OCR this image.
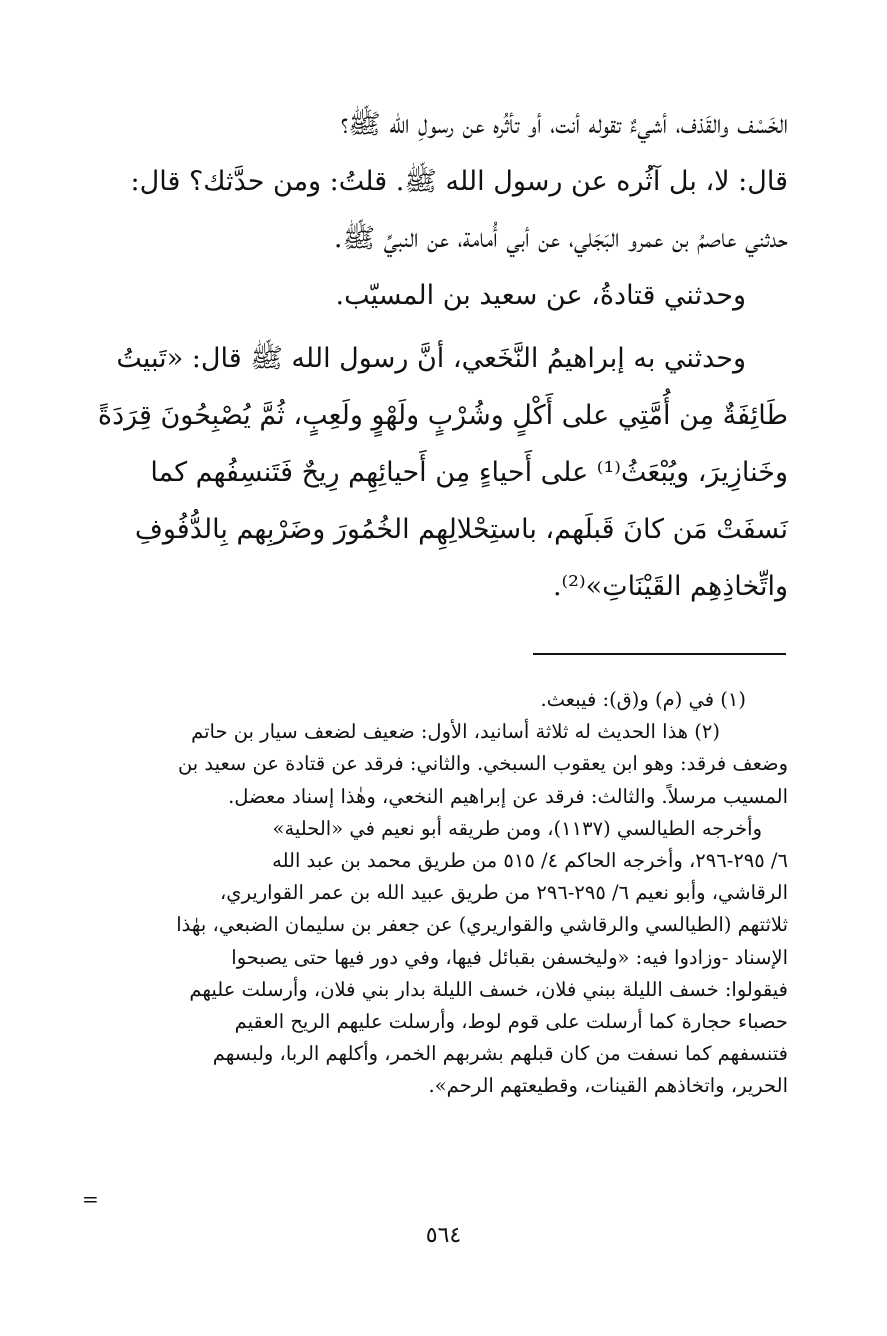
الخَسْف والقَذف، أشيءٌ تقوله أنت، أو تأثُره عن رسولِ الله ﷺ؟
قال: لا، بل آثُره عن رسول الله ﷺ. قلتُ: ومن حدَّثك؟ قال:
حدثني عاصمُ بن عمرو البَجَلي، عن أبي أُمامة، عن النبيِّ ﷺ.

وحدثني قتادةُ، عن سعيد بن المسيّب.

وحدثني به إبراهيمُ النَّخَعي، أنَّ رسول الله ﷺ قال: «تَبيتُ
طَائِفَةٌ مِن أُمَّتِي على أَكْلٍ وشُرْبٍ ولَهْوٍ ولَعِبٍ، ثُمَّ يُصْبِحُونَ قِرَدَةً
وخَنازِيرَ، ويُبْعَثُ⁽¹⁾ على أَحياءٍ مِن أَحيائِهِم رِيحٌ فَتَنسِفُهم كما
نَسفَتْ مَن كانَ قَبلَهم، باستِحْلالِهِم الخُمُورَ وضَرْبِهم بِالدُّفُوفِ
واتِّخاذِهِم القَيْنَاتِ»⁽²⁾.

(١) في (م) و(ق): فيبعث.

(٢) هذا الحديث له ثلاثة أسانيد، الأول: ضعيف لضعف سيار بن حاتم
وضعف فرقد: وهو ابن يعقوب السبخي. والثاني: فرقد عن قتادة عن سعيد بن
المسيب مرسلاً. والثالث: فرقد عن إبراهيم النخعي، وهٰذا إسناد معضل.
وأخرجه الطيالسي (١١٣٧)، ومن طريقه أبو نعيم في «الحلية»
٦/ ٢٩٥-٢٩٦، وأخرجه الحاكم ٤/ ٥١٥ من طريق محمد بن عبد الله
الرقاشي، وأبو نعيم ٦/ ٢٩٥-٢٩٦ من طريق عبيد الله بن عمر القواريري،
ثلاثتهم (الطيالسي والرقاشي والقواريري) عن جعفر بن سليمان الضبعي، بهٰذا
الإسناد -وزادوا فيه: «وليخسفن بقبائل فيها، وفي دور فيها حتى يصبحوا
فيقولوا: خسف الليلة ببني فلان، خسف الليلة بدار بني فلان، وأرسلت عليهم
حصباء حجارة كما أرسلت على قوم لوط، وأرسلت عليهم الريح العقيم
فتنسفهم كما نسفت من كان قبلهم بشربهم الخمر، وأكلهم الربا، ولبسهم
الحرير، واتخاذهم القينات، وقطيعتهم الرحم».

=
٥٦٤
